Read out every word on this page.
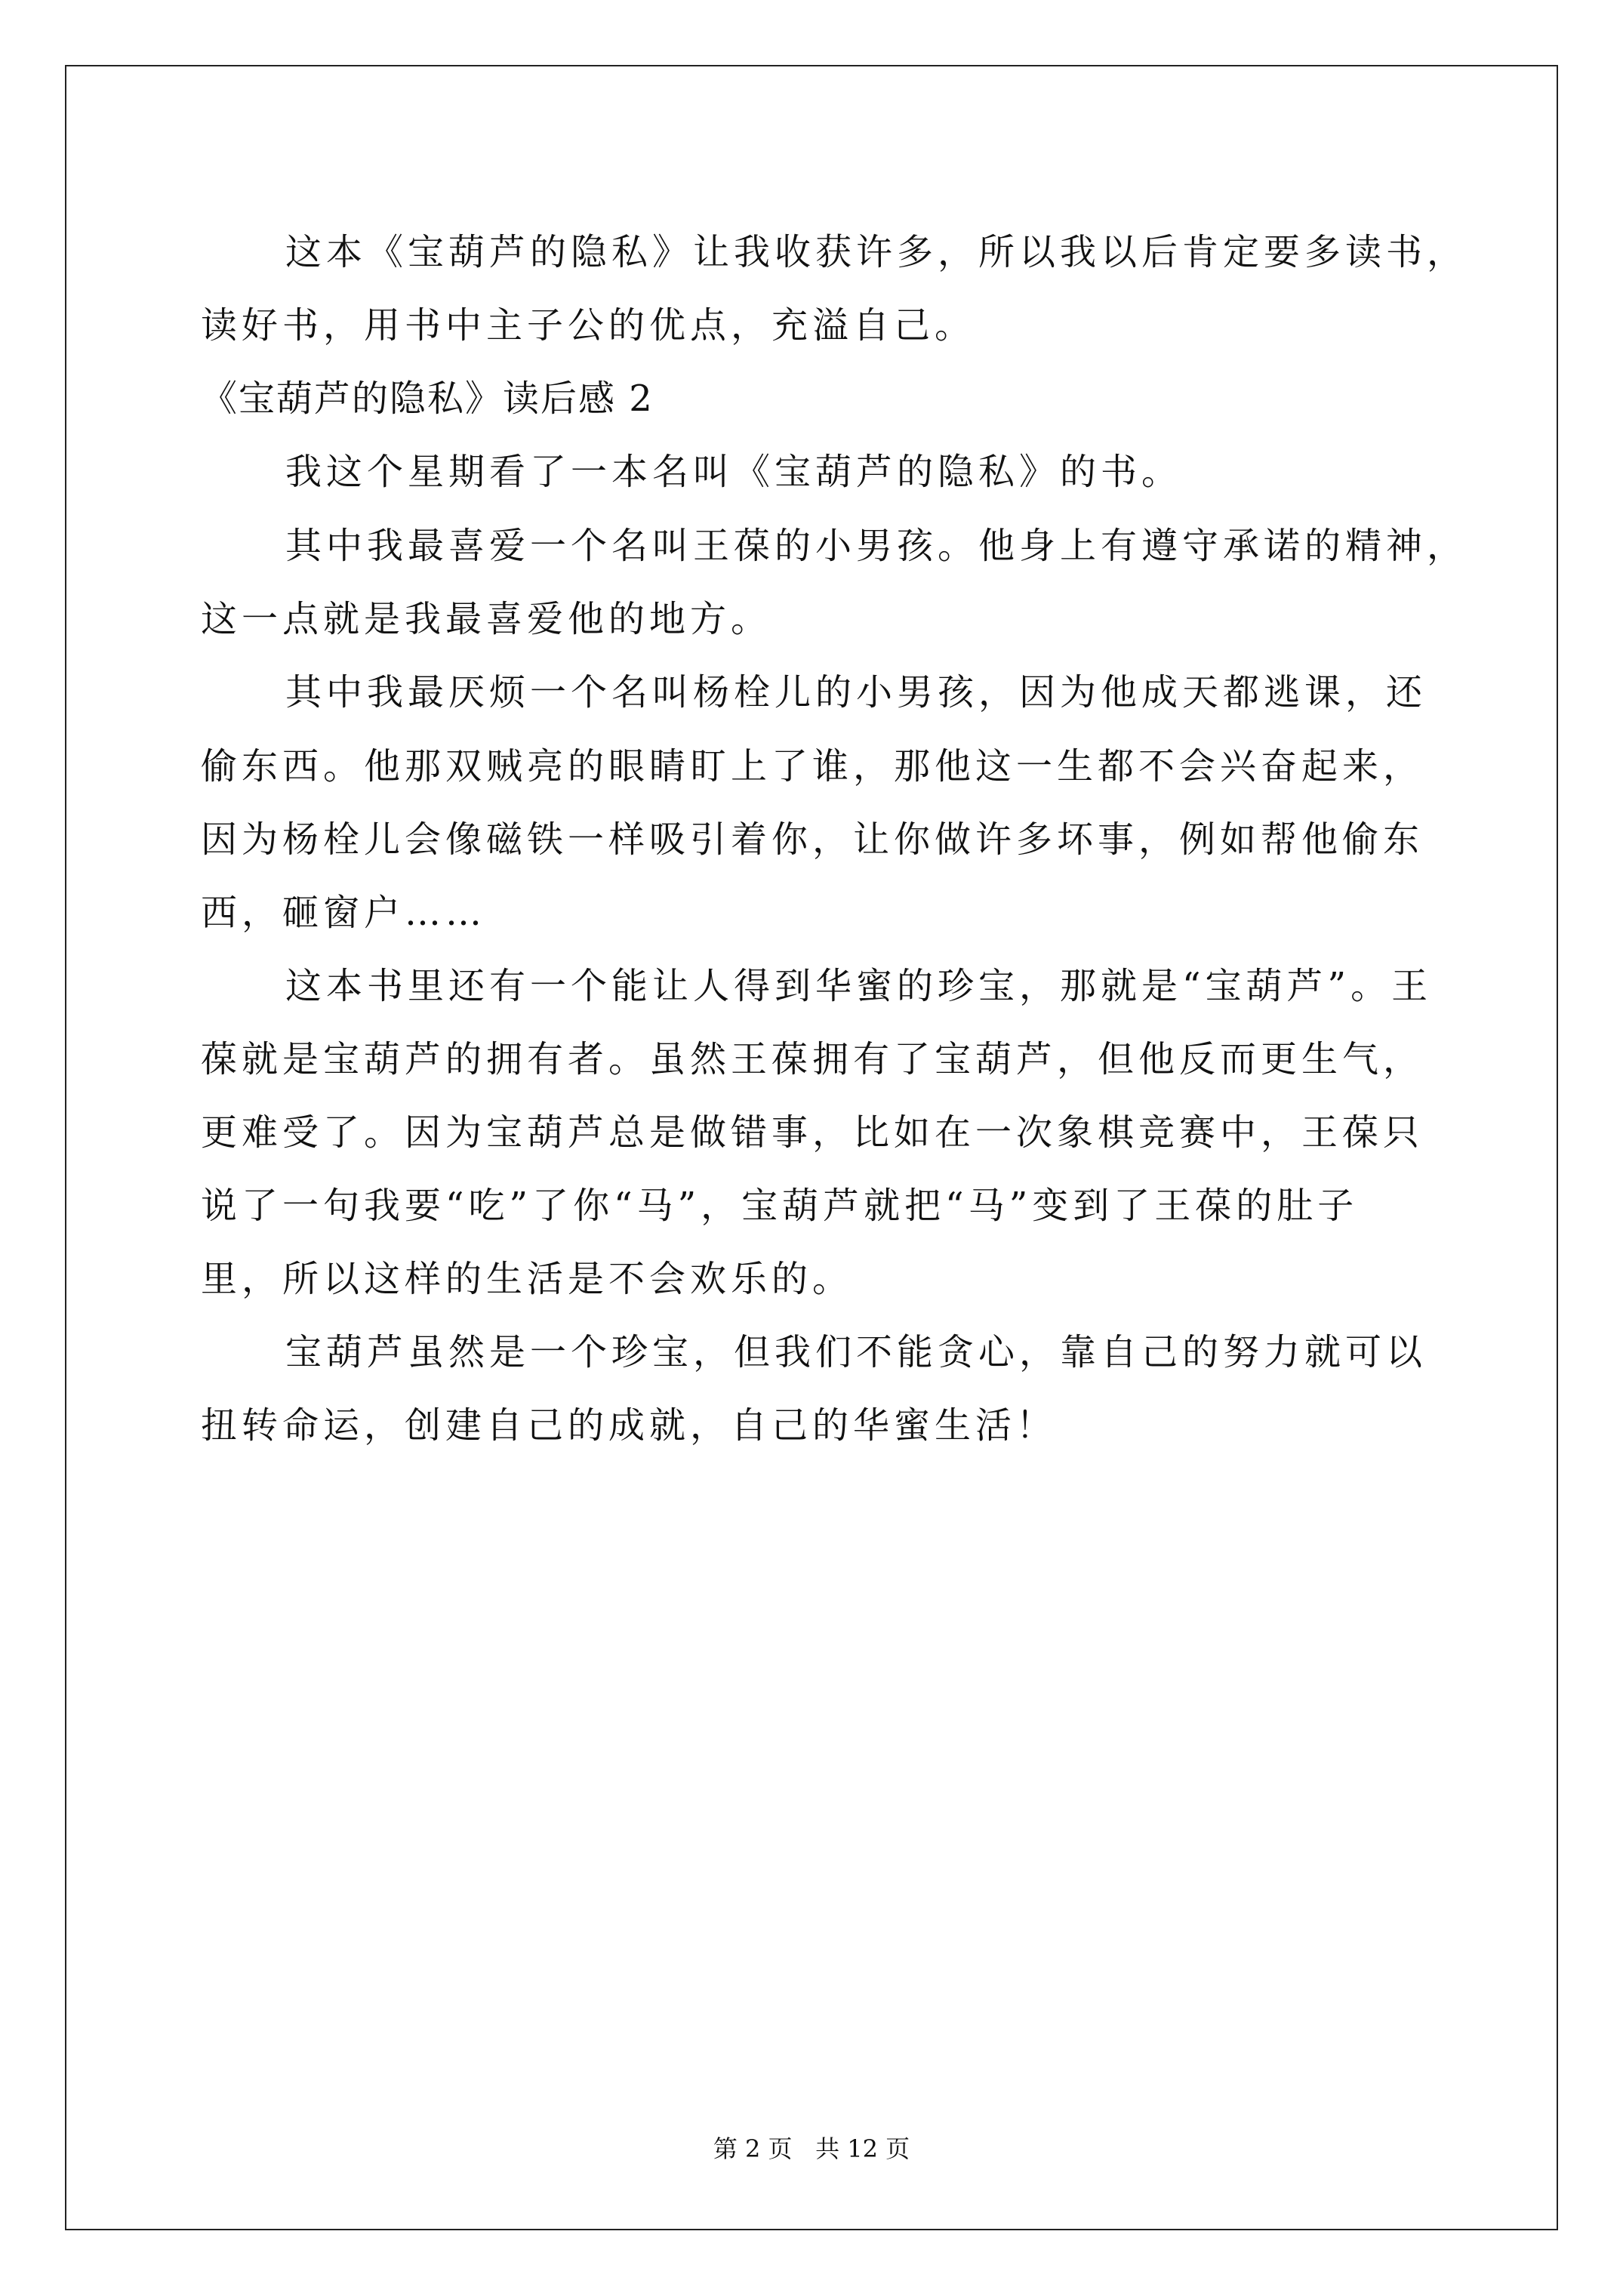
这本《宝葫芦的隐私》让我收获许多，所以我以后肯定要多读书，
读好书，用书中主子公的优点，充溢自己。
《宝葫芦的隐私》读后感 2
我这个星期看了一本名叫《宝葫芦的隐私》的书。
其中我最喜爱一个名叫王葆的小男孩。他身上有遵守承诺的精神，
这一点就是我最喜爱他的地方。
其中我最厌烦一个名叫杨栓儿的小男孩，因为他成天都逃课，还
偷东西。他那双贼亮的眼睛盯上了谁，那他这一生都不会兴奋起来，
因为杨栓儿会像磁铁一样吸引着你，让你做许多坏事，例如帮他偷东
西，砸窗户……
这本书里还有一个能让人得到华蜜的珍宝，那就是“宝葫芦”。王
葆就是宝葫芦的拥有者。虽然王葆拥有了宝葫芦，但他反而更生气，
更难受了。因为宝葫芦总是做错事，比如在一次象棋竞赛中，王葆只
说了一句我要“吃”了你“马”，宝葫芦就把“马”变到了王葆的肚子
里，所以这样的生活是不会欢乐的。
宝葫芦虽然是一个珍宝，但我们不能贪心，靠自己的努力就可以
扭转命运，创建自己的成就，自己的华蜜生活！
第 2 页   共 12 页
